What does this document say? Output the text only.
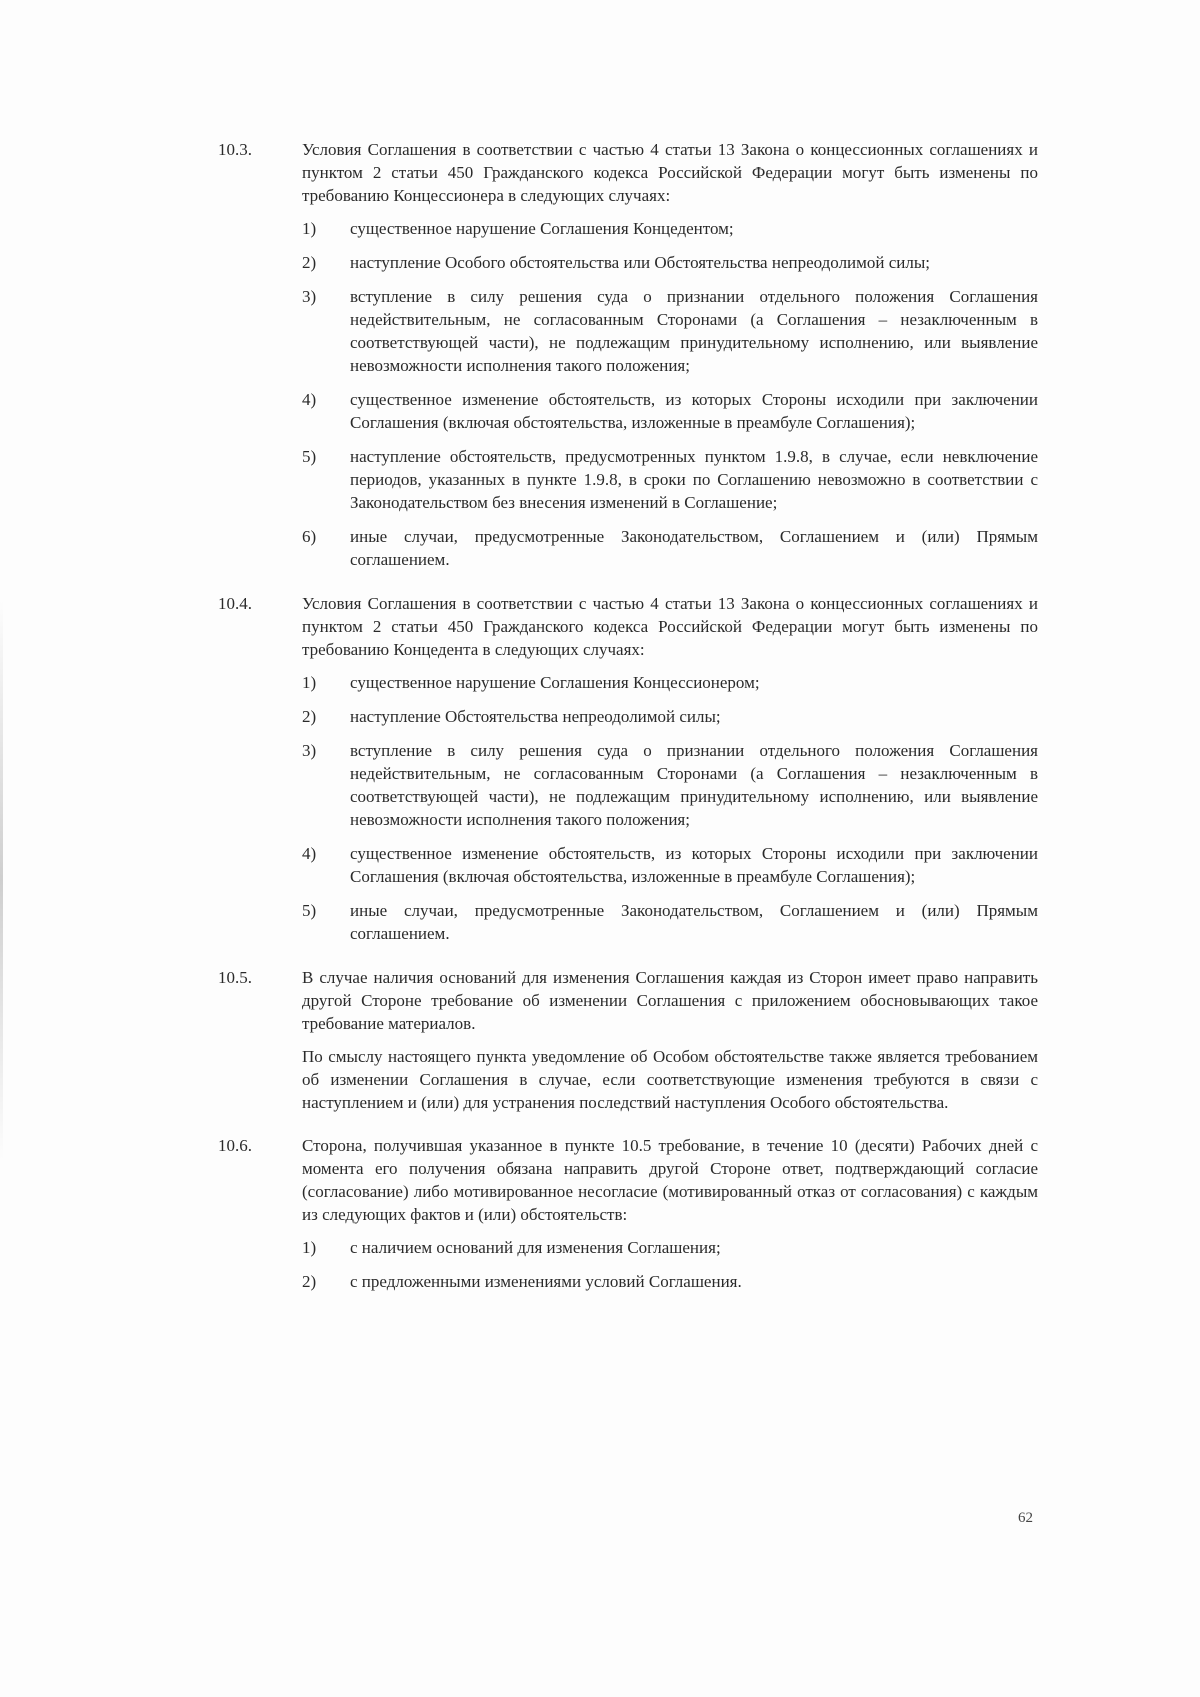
10.3.	Условия Соглашения в соответствии с частью 4 статьи 13 Закона о концессионных соглашениях и пунктом 2 статьи 450 Гражданского кодекса Российской Федерации могут быть изменены по требованию Концессионера в следующих случаях:

1)	существенное нарушение Соглашения Концедентом;
2)	наступление Особого обстоятельства или Обстоятельства непреодолимой силы;
3)	вступление в силу решения суда о признании отдельного положения Соглашения недействительным, не согласованным Сторонами (а Соглашения – незаключенным в соответствующей части), не подлежащим принудительному исполнению, или выявление невозможности исполнения такого положения;
4)	существенное изменение обстоятельств, из которых Стороны исходили при заключении Соглашения (включая обстоятельства, изложенные в преамбуле Соглашения);
5)	наступление обстоятельств, предусмотренных пунктом 1.9.8, в случае, если невключение периодов, указанных в пункте 1.9.8, в сроки по Соглашению невозможно в соответствии с Законодательством без внесения изменений в Соглашение;
6)	иные случаи, предусмотренные Законодательством, Соглашением и (или) Прямым соглашением.
10.4.	Условия Соглашения в соответствии с частью 4 статьи 13 Закона о концессионных соглашениях и пунктом 2 статьи 450 Гражданского кодекса Российской Федерации могут быть изменены по требованию Концедента в следующих случаях:

1)	существенное нарушение Соглашения Концессионером;
2)	наступление Обстоятельства непреодолимой силы;
3)	вступление в силу решения суда о признании отдельного положения Соглашения недействительным, не согласованным Сторонами (а Соглашения – незаключенным в соответствующей части), не подлежащим принудительному исполнению, или выявление невозможности исполнения такого положения;
4)	существенное изменение обстоятельств, из которых Стороны исходили при заключении Соглашения (включая обстоятельства, изложенные в преамбуле Соглашения);
5)	иные случаи, предусмотренные Законодательством, Соглашением и (или) Прямым соглашением.
10.5.	В случае наличия оснований для изменения Соглашения каждая из Сторон имеет право направить другой Стороне требование об изменении Соглашения с приложением обосновывающих такое требование материалов.

По смыслу настоящего пункта уведомление об Особом обстоятельстве также является требованием об изменении Соглашения в случае, если соответствующие изменения требуются в связи с наступлением и (или) для устранения последствий наступления Особого обстоятельства.

10.6.	Сторона, получившая указанное в пункте 10.5 требование, в течение 10 (десяти) Рабочих дней с момента его получения обязана направить другой Стороне ответ, подтверждающий согласие (согласование) либо мотивированное несогласие (мотивированный отказ от согласования) с каждым из следующих фактов и (или) обстоятельств:

1)	с наличием оснований для изменения Соглашения;
2)	с предложенными изменениями условий Соглашения.
62
